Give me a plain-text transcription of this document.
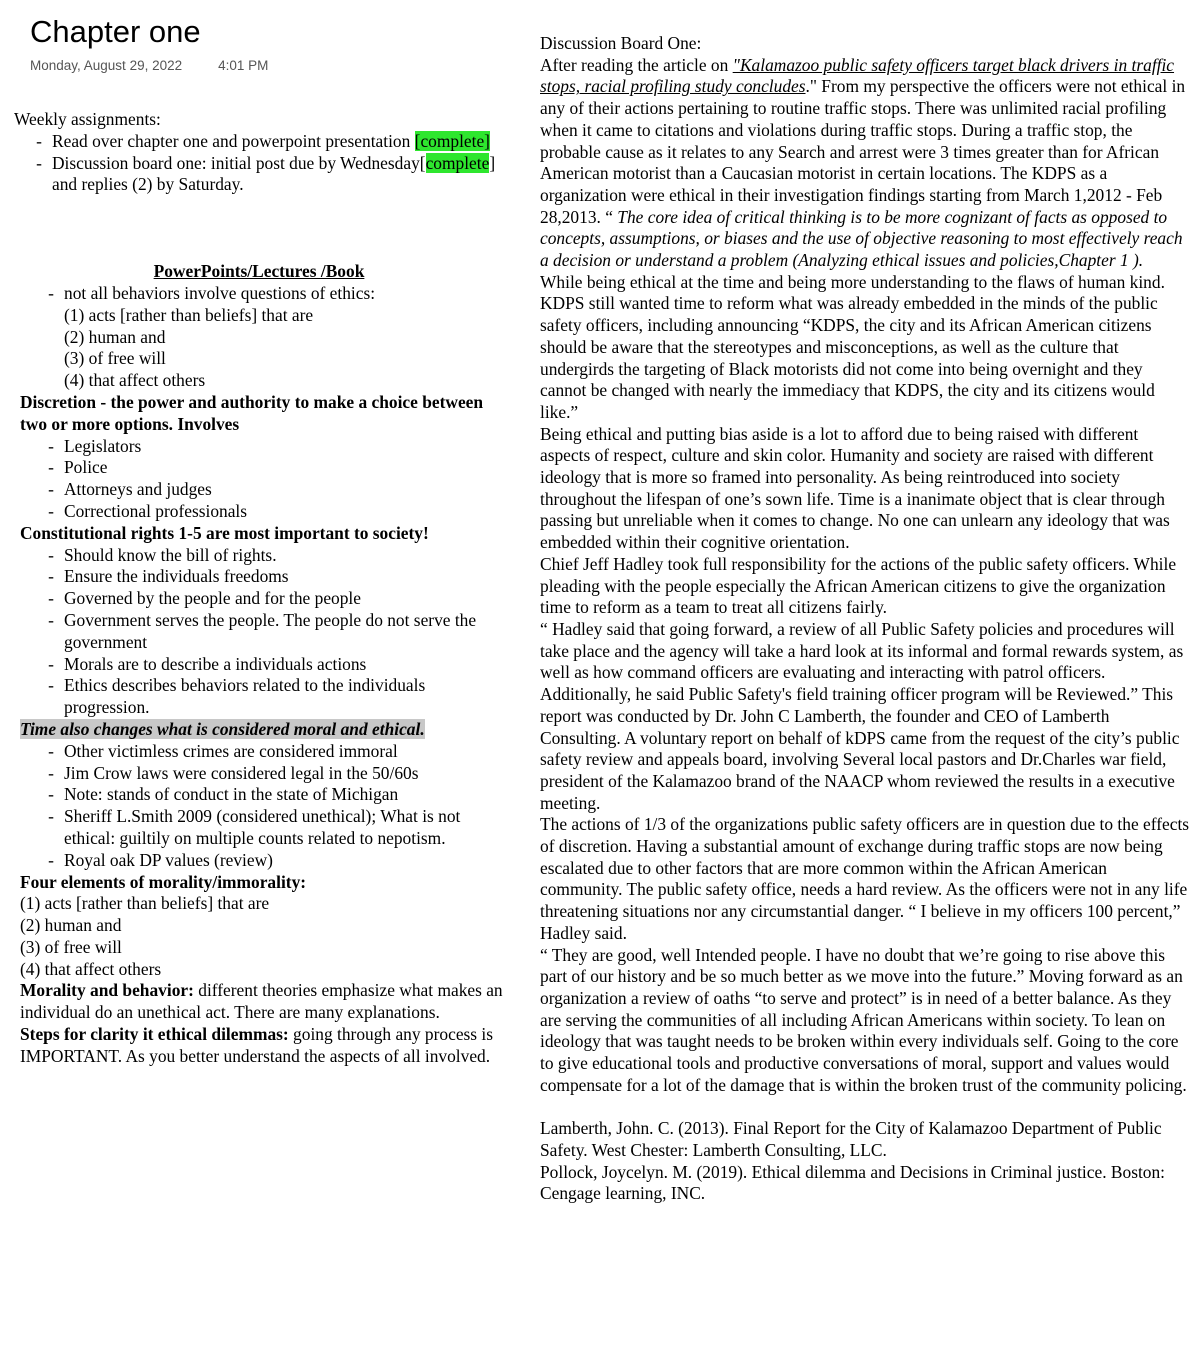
Chapter one
Monday, August 29, 2022	4:01 PM

Weekly assignments:

- Read over chapter one and powerpoint presentation [complete]
- Discussion board one: initial post due by Wednesday[complete] and replies (2) by Saturday.

PowerPoints/Lectures /Book

- not all behaviors involve questions of ethics:
(1) acts [rather than beliefs] that are
(2) human and
(3) of free will
(4) that affect others

Discretion - the power and authority to make a choice between two or more options. Involves

- Legislators
- Police
- Attorneys and judges
- Correctional professionals

Constitutional rights 1-5 are most important to society!

- Should know the bill of rights.
- Ensure the individuals freedoms
- Governed by the people and for the people
- Government serves the people. The people do not serve the government
- Morals are to describe a individuals actions
- Ethics describes behaviors related to the individuals progression.

Time also changes what is considered moral and ethical.

- Other victimless crimes are considered immoral
- Jim Crow laws were considered legal in the 50/60s
- Note: stands of conduct in the state of Michigan
- Sheriff L.Smith 2009 (considered unethical); What is not ethical: guiltily on multiple counts related to nepotism.
- Royal oak DP values (review)

Four elements of morality/immorality:

(1) acts [rather than beliefs] that are

(2) human and

(3) of free will

(4) that affect others

Morality and behavior: different theories emphasize what makes an individual do an unethical act. There are many explanations.

Steps for clarity it ethical dilemmas: going through any process is IMPORTANT. As you better understand the aspects of all involved.

Discussion Board One:

After reading the article on "Kalamazoo public safety officers target black drivers in traffic stops, racial profiling study concludes." From my perspective the officers were not ethical in any of their actions pertaining to routine traffic stops. There was unlimited racial profiling when it came to citations and violations during traffic stops. During a traffic stop, the probable cause as it relates to any Search and arrest were 3 times greater than for African American motorist than a Caucasian motorist in certain locations. The KDPS as a organization were ethical in their investigation findings starting from March 1,2012 - Feb 28,2013. “ The core idea of critical thinking is to be more cognizant of facts as opposed to concepts, assumptions, or biases and the use of objective reasoning to most effectively reach a decision or understand a problem (Analyzing ethical issues and policies,Chapter 1 ).

While being ethical at the time and being more understanding to the flaws of human kind. KDPS still wanted time to reform what was already embedded in the minds of the public safety officers, including announcing “KDPS, the city and its African American citizens should be aware that the stereotypes and misconceptions, as well as the culture that undergirds the targeting of Black motorists did not come into being overnight and they cannot be changed with nearly the immediacy that KDPS, the city and its citizens would like.”

Being ethical and putting bias aside is a lot to afford due to being raised with different aspects of respect, culture and skin color. Humanity and society are raised with different ideology that is more so framed into personality. As being reintroduced into society throughout the lifespan of one’s sown life. Time is a inanimate object that is clear through passing but unreliable when it comes to change. No one can unlearn any ideology that was embedded within their cognitive orientation.

Chief Jeff Hadley took full responsibility for the actions of the public safety officers. While pleading with the people especially the African American citizens to give the organization time to reform as a team to treat all citizens fairly.

“ Hadley said that going forward, a review of all Public Safety policies and procedures will take place and the agency will take a hard look at its informal and formal rewards system, as well as how command officers are evaluating and interacting with patrol officers. Additionally, he said Public Safety's field training officer program will be Reviewed.” This report was conducted by Dr. John C Lamberth, the founder and CEO of Lamberth Consulting. A voluntary report on behalf of kDPS came from the request of the city’s public safety review and appeals board, involving Several local pastors and Dr.Charles war field, president of the Kalamazoo brand of the NAACP whom reviewed the results in a executive meeting.

The actions of 1/3 of the organizations public safety officers are in question due to the effects of discretion. Having a substantial amount of exchange during traffic stops are now being escalated due to other factors that are more common within the African American community. The public safety office, needs a hard review. As the officers were not in any life threatening situations nor any circumstantial danger. “ I believe in my officers 100 percent,” Hadley said.

“ They are good, well Intended people. I have no doubt that we’re going to rise above this part of our history and be so much better as we move into the future.” Moving forward as an organization a review of oaths “to serve and protect” is in need of a better balance. As they are serving the communities of all including African Americans within society. To lean on ideology that was taught needs to be broken within every individuals self. Going to the core to give educational tools and productive conversations of moral, support and values would compensate for a lot of the damage that is within the broken trust of the community policing.

Lamberth, John. C. (2013). Final Report for the City of Kalamazoo Department of Public Safety. West Chester: Lamberth Consulting, LLC.

Pollock, Joycelyn. M. (2019). Ethical dilemma and Decisions in Criminal justice. Boston: Cengage learning, INC.
